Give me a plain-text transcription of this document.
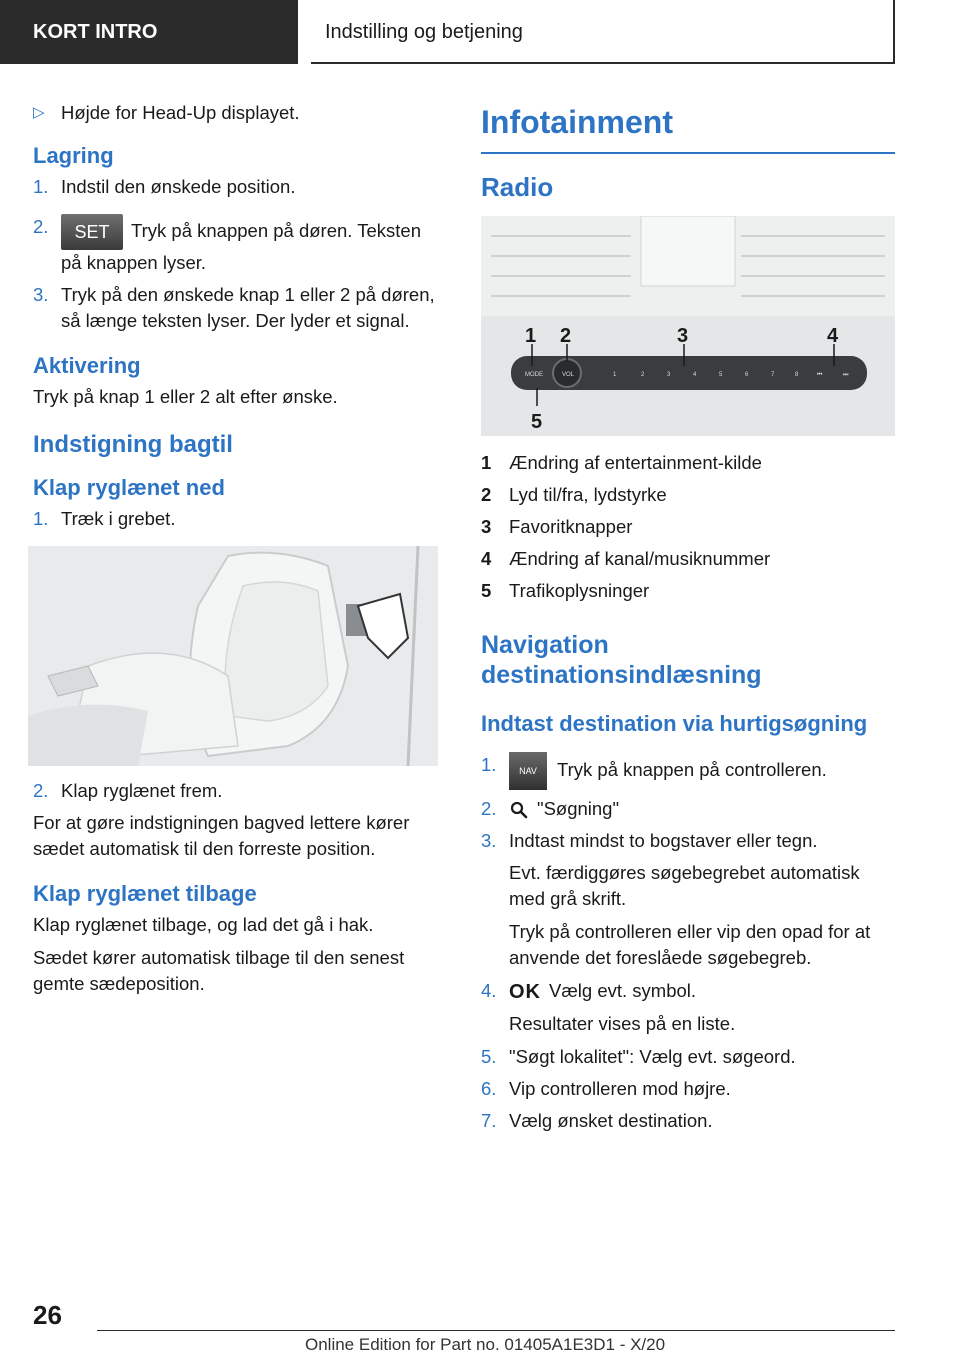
KORT INTRO	Indstilling og betjening
▷ Højde for Head-Up displayet.
Lagring
1. Indstil den ønskede position.
2.	SET Tryk på knappen på døren. Teksten på knappen lyser.
3. Tryk på den ønskede knap 1 eller 2 på døren, så længe teksten lyser. Der lyder et signal.
Aktivering

Tryk på knap 1 eller 2 alt efter ønske.

Indstigning bagtil
Klap ryglænet ned
1. Træk i grebet.
2. Klap ryglænet frem.

For at gøre indstigningen bagved lettere kører sædet automatisk til den forreste position.

Klap ryglænet tilbage

Klap ryglænet tilbage, og lad det gå i hak.

Sædet kører automatisk tilbage til den senest gemte sædeposition.

Infotainment
Radio
MODE	VOL	1	2	3	4	5	6	7	8	⏮	⏭
1 2	3	4
5
1 Ændring af entertainment-kilde
2 Lyd til/fra, lydstyrke
3 Favoritknapper
4 Ændring af kanal/musiknummer
5 Trafikoplysninger
Navigation destinationsindlæsning
Indtast destination via hurtigsøgning
1.	NAV Tryk på knappen på controlleren.
2.	"Søgning"
3. Indtast mindst to bogstaver eller tegn.

Evt. færdiggøres søgebegrebet automatisk med grå skrift.

Tryk på controlleren eller vip den opad for at anvende det foreslåede søgebegreb.

4. OK Vælg evt. symbol.

Resultater vises på en liste.

5. "Søgt lokalitet": Vælg evt. søgeord.
6. Vip controlleren mod højre.
7. Vælg ønsket destination.
26
Online Edition for Part no. 01405A1E3D1 - X/20
